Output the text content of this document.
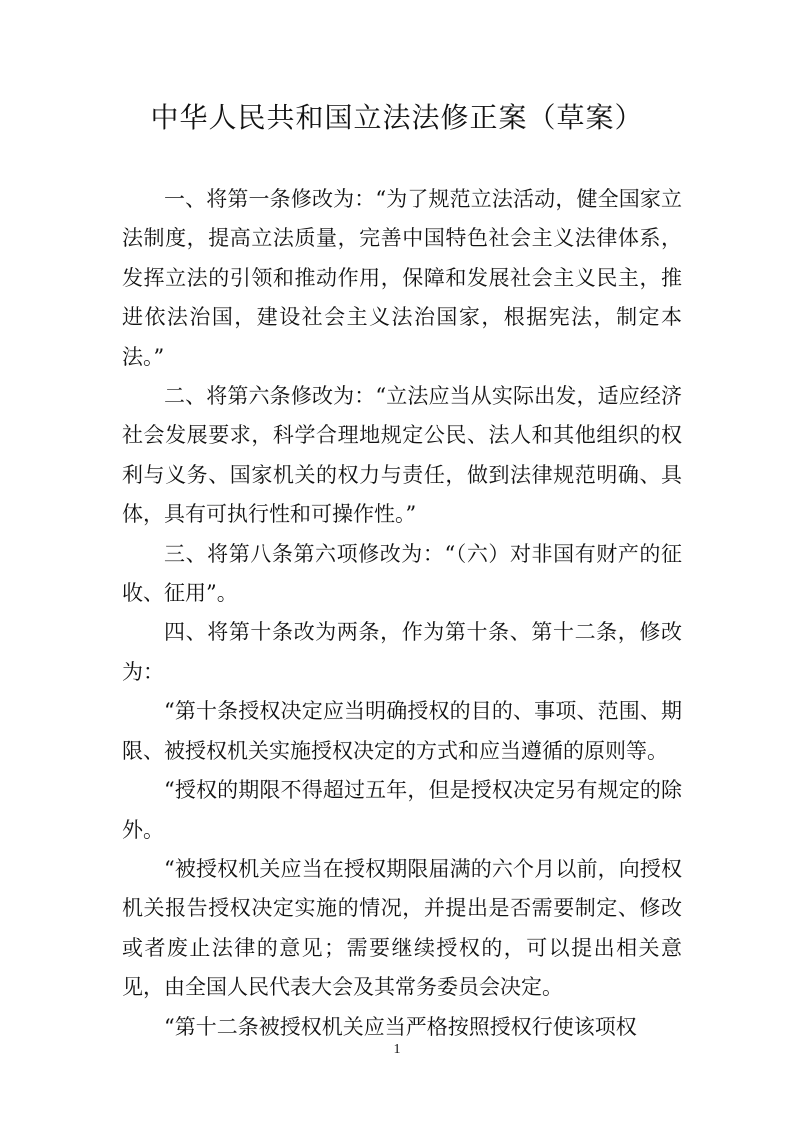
中华人民共和国立法法修正案（草案）

一、将第一条修改为：“为了规范立法活动，健全国家立法制度，提高立法质量，完善中国特色社会主义法律体系，发挥立法的引领和推动作用，保障和发展社会主义民主，推进依法治国，建设社会主义法治国家，根据宪法，制定本法。”

二、将第六条修改为：“立法应当从实际出发，适应经济社会发展要求，科学合理地规定公民、法人和其他组织的权利与义务、国家机关的权力与责任，做到法律规范明确、具体，具有可执行性和可操作性。”

三、将第八条第六项修改为：“（六）对非国有财产的征收、征用”。

四、将第十条改为两条，作为第十条、第十二条，修改为：

“第十条授权决定应当明确授权的目的、事项、范围、期限、被授权机关实施授权决定的方式和应当遵循的原则等。

“授权的期限不得超过五年，但是授权决定另有规定的除外。

“被授权机关应当在授权期限届满的六个月以前，向授权机关报告授权决定实施的情况，并提出是否需要制定、修改或者废止法律的意见；需要继续授权的，可以提出相关意见，由全国人民代表大会及其常务委员会决定。

“第十二条被授权机关应当严格按照授权行使该项权

1
